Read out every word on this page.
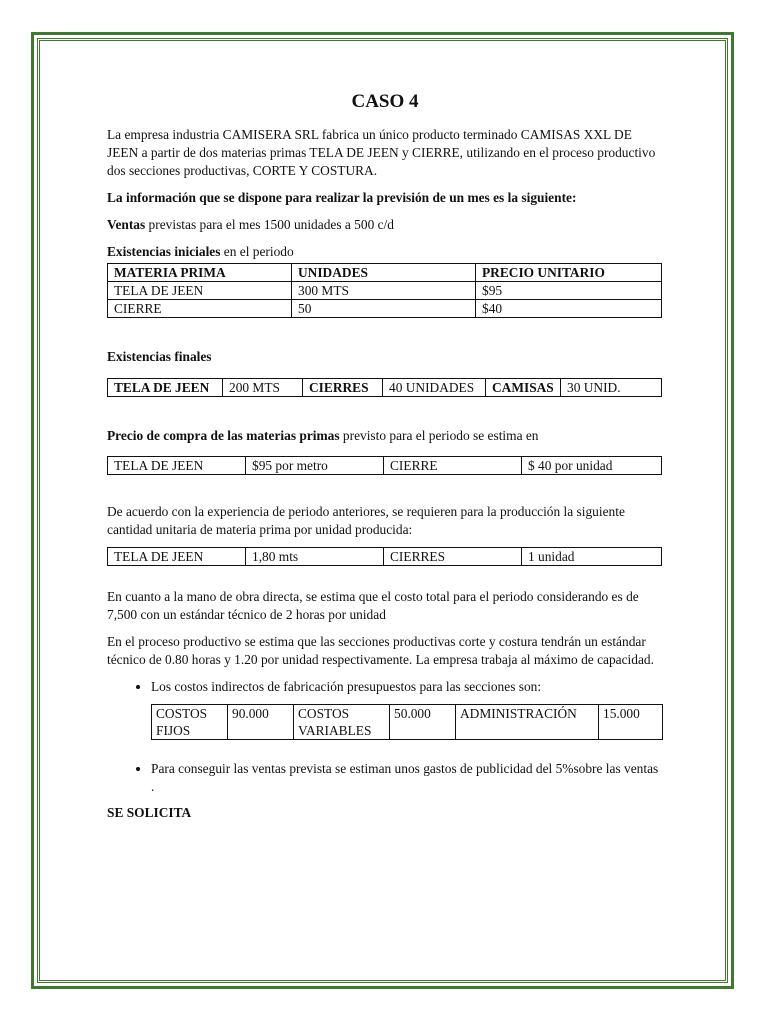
CASO 4

La empresa industria CAMISERA SRL fabrica un único producto terminado CAMISAS XXL DE JEEN a partir de dos materias primas TELA DE JEEN y CIERRE, utilizando en el proceso productivo dos secciones productivas, CORTE Y COSTURA.

La información que se dispone para realizar la previsión de un mes es la siguiente:

Ventas previstas para el mes 1500 unidades a 500 c/d

Existencias iniciales en el periodo

MATERIA PRIMA	UNIDADES	PRECIO UNITARIO
TELA DE JEEN	300 MTS	$95
CIERRE	50	$40

Existencias finales

TELA DE JEEN	200 MTS	CIERRES	40 UNIDADES	CAMISAS	30 UNID.

Precio de compra de las materias primas previsto para el periodo se estima en

TELA DE JEEN	$95 por metro	CIERRE	$ 40 por unidad

De acuerdo con la experiencia de periodo anteriores, se requieren para la producción la siguiente cantidad unitaria de materia prima por unidad producida:

TELA DE JEEN	1,80 mts	CIERRES	1 unidad

En cuanto a la mano de obra directa, se estima que el costo total para el periodo considerando es de 7,500 con un estándar técnico de 2 horas por unidad

En el proceso productivo se estima que las secciones productivas corte y costura tendrán un estándar técnico de 0.80 horas y 1.20 por unidad respectivamente. La empresa trabaja al máximo de capacidad.

• Los costos indirectos de fabricación presupuestos para las secciones son:
COSTOS FIJOS	90.000	COSTOS VARIABLES	50.000	ADMINISTRACIÓN	15.000
• Para conseguir las ventas prevista se estiman unos gastos de publicidad del 5%sobre las ventas .

SE SOLICITA
